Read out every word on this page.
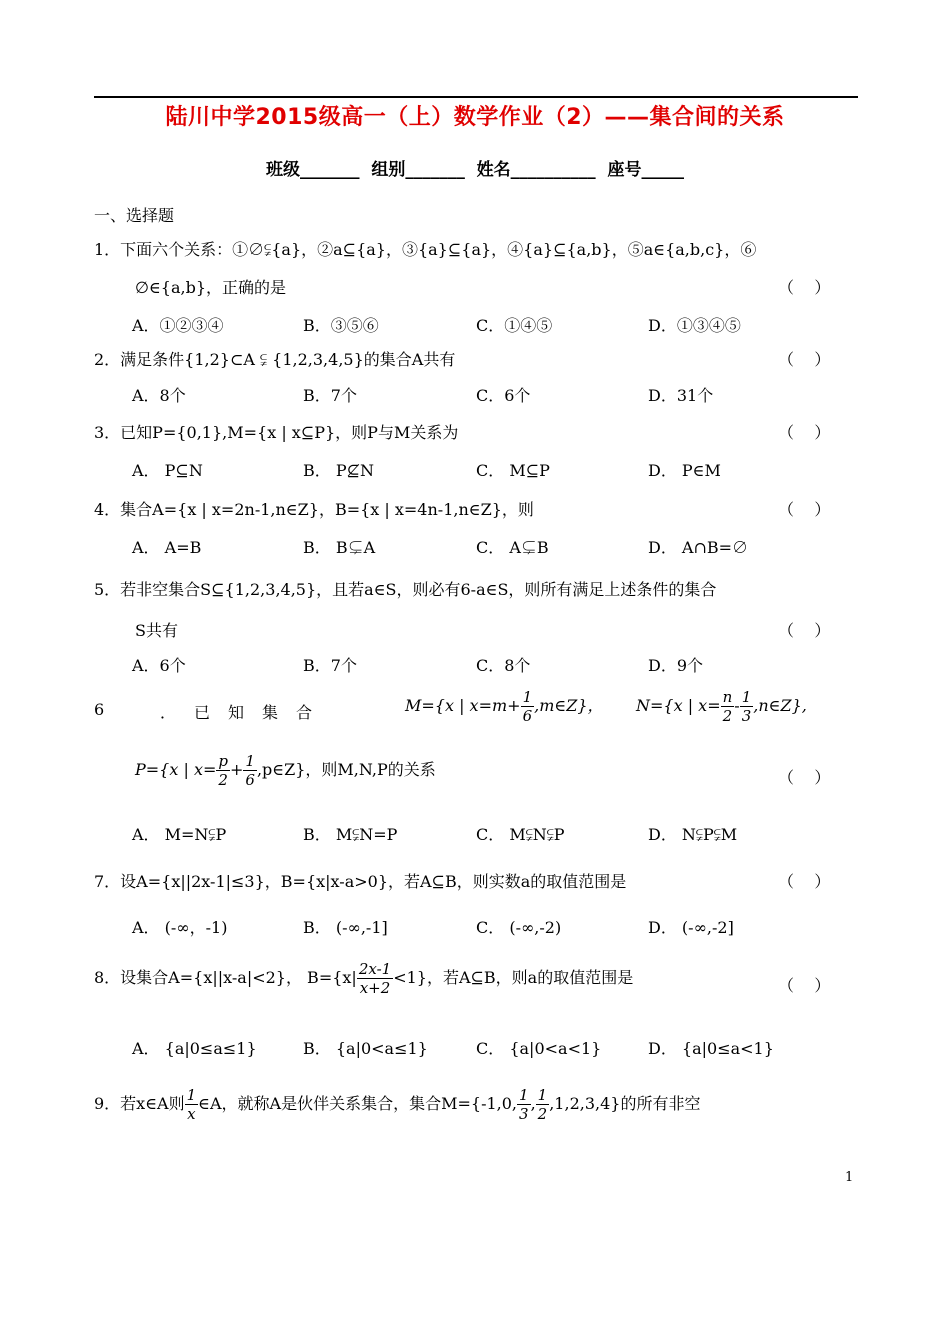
陆川中学2015级高一（上）数学作业（2）——集合间的关系
班级_______  组别_______  姓名__________  座号_____
一、选择题
1．下面六个关系：①∅⫋{a}，②a⊆{a}，③{a}⊆{a}，④{a}⊆{a,b}，⑤a∈{a,b,c}，⑥
∅∈{a,b}，正确的是	（    ）
A．①②③④	B．③⑤⑥	C．①④⑤	D．①③④⑤
2．满足条件{1,2}⊂A ⫋ {1,2,3,4,5}的集合A共有	（    ）
A．8个	B．7个	C．6个	D．31个
3．已知P={0,1},M={x | x⊆P}，则P与M关系为	（    ）
A． P⊆N	B． P⊈N	C． M⊆P	D． P∈M
4．集合A={x | x=2n-1,n∈Z}，B={x | x=4n-1,n∈Z}，则	（    ）
A． A=B	B． B⊊A	C． A⊊B	D． A∩B=∅
5．若非空集合S⊆{1,2,3,4,5}，且若a∈S，则必有6-a∈S，则所有满足上述条件的集合
S共有	（    ）
A．6个	B．7个	C．8个	D．9个
6	．已知集合	M={x | $x=m+ \frac{1}{6}$ ,m∈Z}， N={x | $x= \frac{n}{2} - \frac{1}{3}$ ,n∈Z},
P={x | $x= \frac{p}{2} + \frac{1}{6}$ ,p∈Z}，则M,N,P的关系	（    ）
A． M=N⫋P	B． M⫋N=P	C． M⫋N⫋P	D． N⫋P⫋M
7．设A={x||2x-1|≤3}，B={x|x-a>0}，若A⊆B，则实数a的取值范围是	（    ）
A． (-∞，-1)	B． (-∞,-1]	C． (-∞,-2)	D． (-∞,-2]
8．设集合A={x||x-a|<2}， $B=\{x| \frac{2x-1}{x+2} <1\}$，若A⊆B，则a的取值范围是	（    ）
A． {a|0≤a≤1}	B． {a|0<a≤1}	C． {a|0<a<1}	D． {a|0≤a<1}
9．若x∈A则 $\frac{1}{x}$ ∈A，就称A是伙伴关系集合，集合M={-1,0, $\frac{1}{3}$ , $\frac{1}{2} ,1,2,3,4$}的所有非空
1
